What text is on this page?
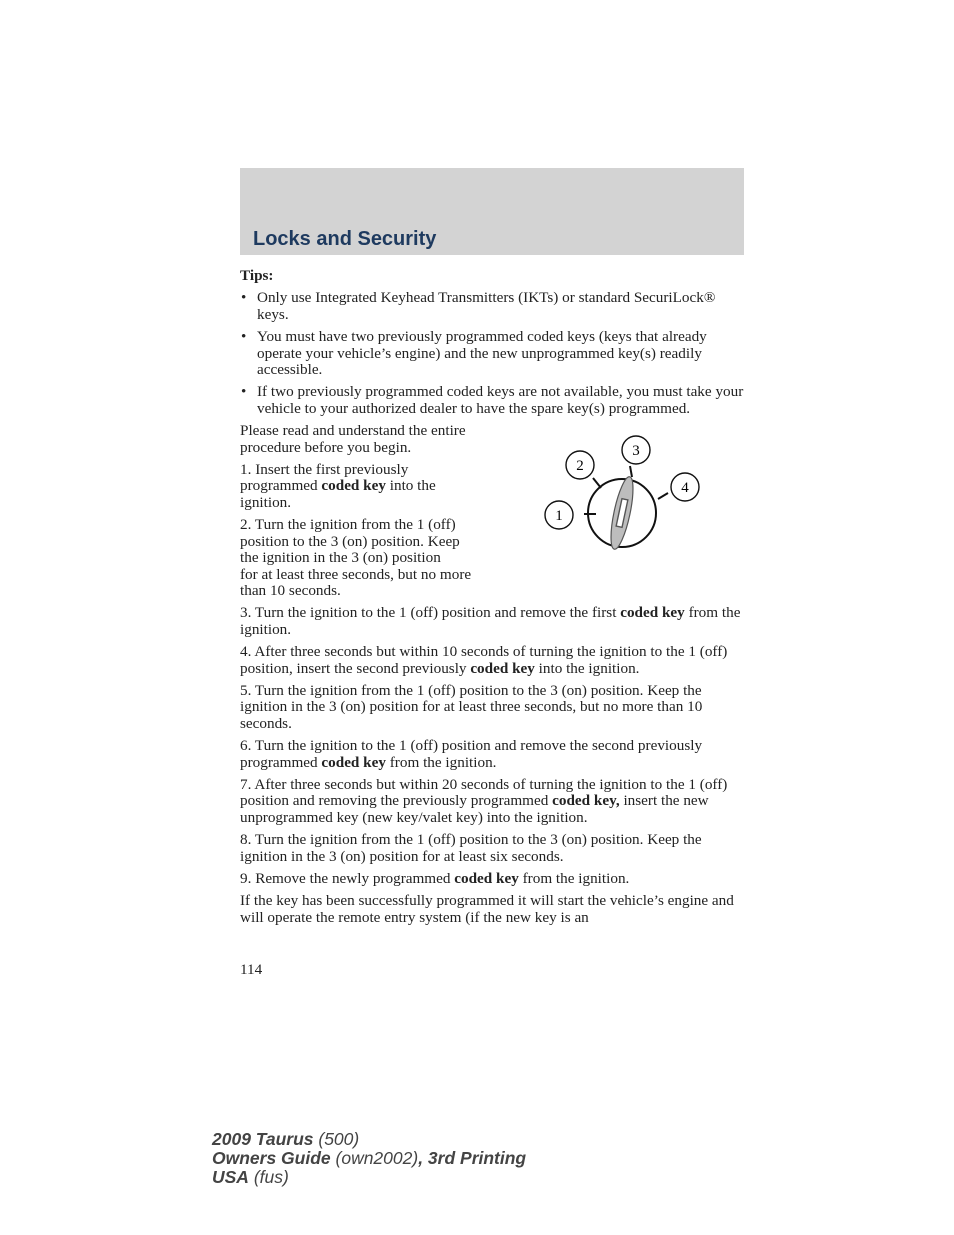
Locks and Security

Tips:

• Only use Integrated Keyhead Transmitters (IKTs) or standard SecuriLock® keys.
• You must have two previously programmed coded keys (keys that already operate your vehicle’s engine) and the new unprogrammed key(s) readily accessible.
• If two previously programmed coded keys are not available, you must take your vehicle to your authorized dealer to have the spare key(s) programmed.
1
2
3
4

Please read and understand the entire procedure before you begin.

1. Insert the first previously programmed coded key into the ignition.

2. Turn the ignition from the 1 (off) position to the 3 (on) position. Keep the ignition in the 3 (on) position
for at least three seconds, but no more than 10 seconds.

3. Turn the ignition to the 1 (off) position and remove the first coded key from the ignition.

4. After three seconds but within 10 seconds of turning the ignition to the 1 (off) position, insert the second previously coded key into the ignition.

5. Turn the ignition from the 1 (off) position to the 3 (on) position. Keep the ignition in the 3 (on) position for at least three seconds, but no more than 10 seconds.

6. Turn the ignition to the 1 (off) position and remove the second previously programmed coded key from the ignition.

7. After three seconds but within 20 seconds of turning the ignition to the 1 (off) position and removing the previously programmed coded key, insert the new unprogrammed key (new key/valet key) into the ignition.

8. Turn the ignition from the 1 (off) position to the 3 (on) position. Keep the ignition in the 3 (on) position for at least six seconds.

9. Remove the newly programmed coded key from the ignition.

If the key has been successfully programmed it will start the vehicle’s engine and will operate the remote entry system (if the new key is an

114
2009 Taurus (500)
Owners Guide (own2002), 3rd Printing
USA (fus)
